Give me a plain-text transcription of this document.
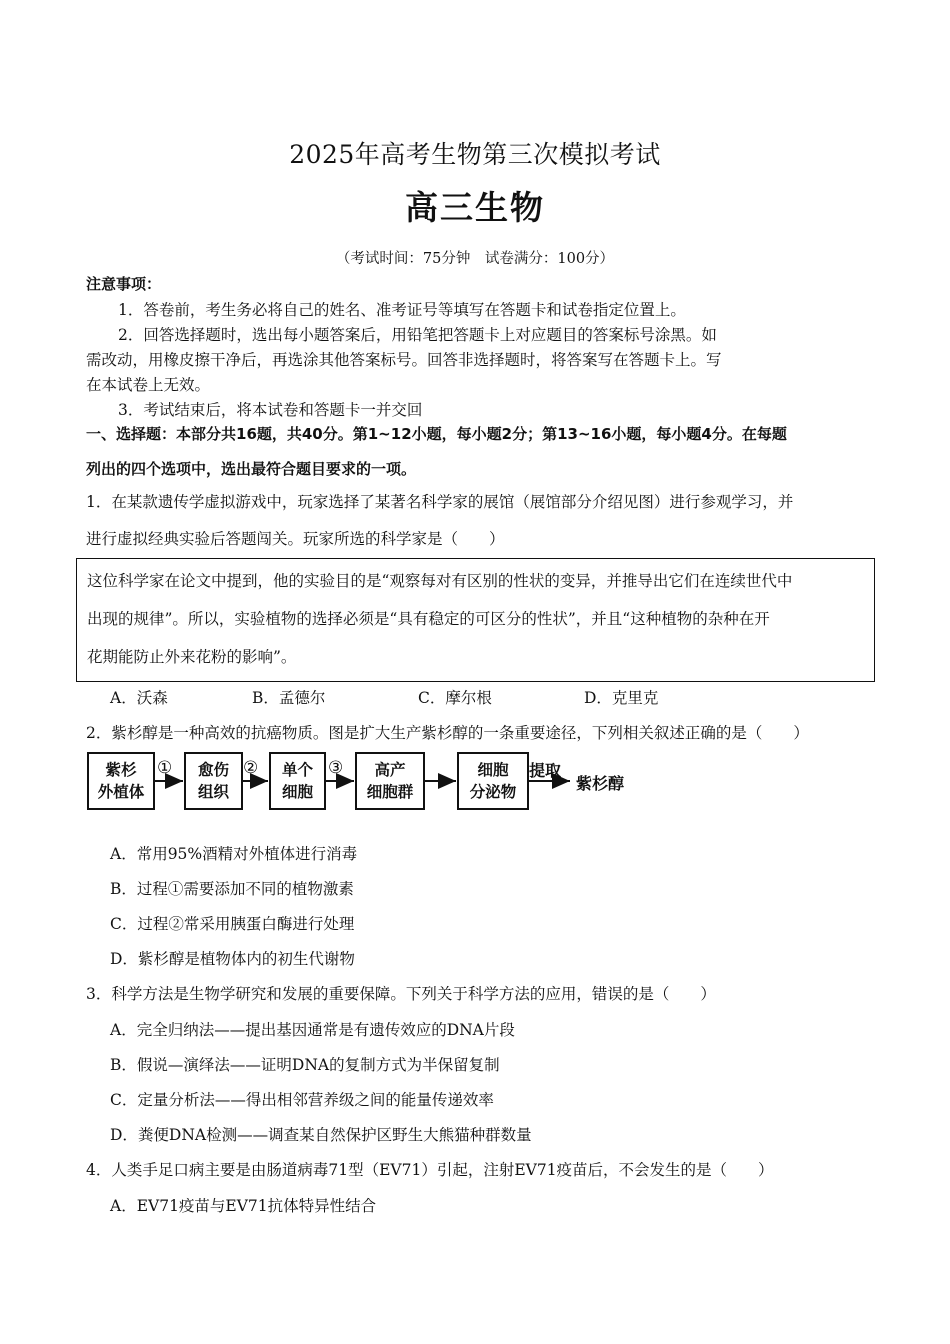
2025年高考生物第三次模拟考试
高三生物
（考试时间：75分钟　试卷满分：100分）
注意事项：
1．答卷前，考生务必将自己的姓名、准考证号等填写在答题卡和试卷指定位置上。
2．回答选择题时，选出每小题答案后，用铅笔把答题卡上对应题目的答案标号涂黑。如
需改动，用橡皮擦干净后，再选涂其他答案标号。回答非选择题时，将答案写在答题卡上。写
在本试卷上无效。
3．考试结束后，将本试卷和答题卡一并交回
一、选择题：本部分共16题，共40分。第1~12小题，每小题2分；第13~16小题，每小题4分。在每题
列出的四个选项中，选出最符合题目要求的一项。
1．在某款遗传学虚拟游戏中，玩家选择了某著名科学家的展馆（展馆部分介绍见图）进行参观学习，并
进行虚拟经典实验后答题闯关。玩家所选的科学家是（　　）
这位科学家在论文中提到，他的实验目的是“观察每对有区别的性状的变异，并推导出它们在连续世代中
出现的规律”。所以，实验植物的选择必须是“具有稳定的可区分的性状”，并且“这种植物的杂种在开
花期能防止外来花粉的影响”。
A．沃森	B．孟德尔	C．摩尔根	D．克里克
2．紫杉醇是一种高效的抗癌物质。图是扩大生产紫杉醇的一条重要途径，下列相关叙述正确的是（　　）
紫杉
外植体
愈伤
组织
单个
细胞
高产
细胞群
细胞
分泌物
①	②	③	提取
紫杉醇
A．常用95%酒精对外植体进行消毒
B．过程①需要添加不同的植物激素
C．过程②常采用胰蛋白酶进行处理
D．紫杉醇是植物体内的初生代谢物
3．科学方法是生物学研究和发展的重要保障。下列关于科学方法的应用，错误的是（　　）
A．完全归纳法——提出基因通常是有遗传效应的DNA片段
B．假说—演绎法——证明DNA的复制方式为半保留复制
C．定量分析法——得出相邻营养级之间的能量传递效率
D．粪便DNA检测——调查某自然保护区野生大熊猫种群数量
4．人类手足口病主要是由肠道病毒71型（EV71）引起，注射EV71疫苗后，不会发生的是（　　）
A．EV71疫苗与EV71抗体特异性结合
